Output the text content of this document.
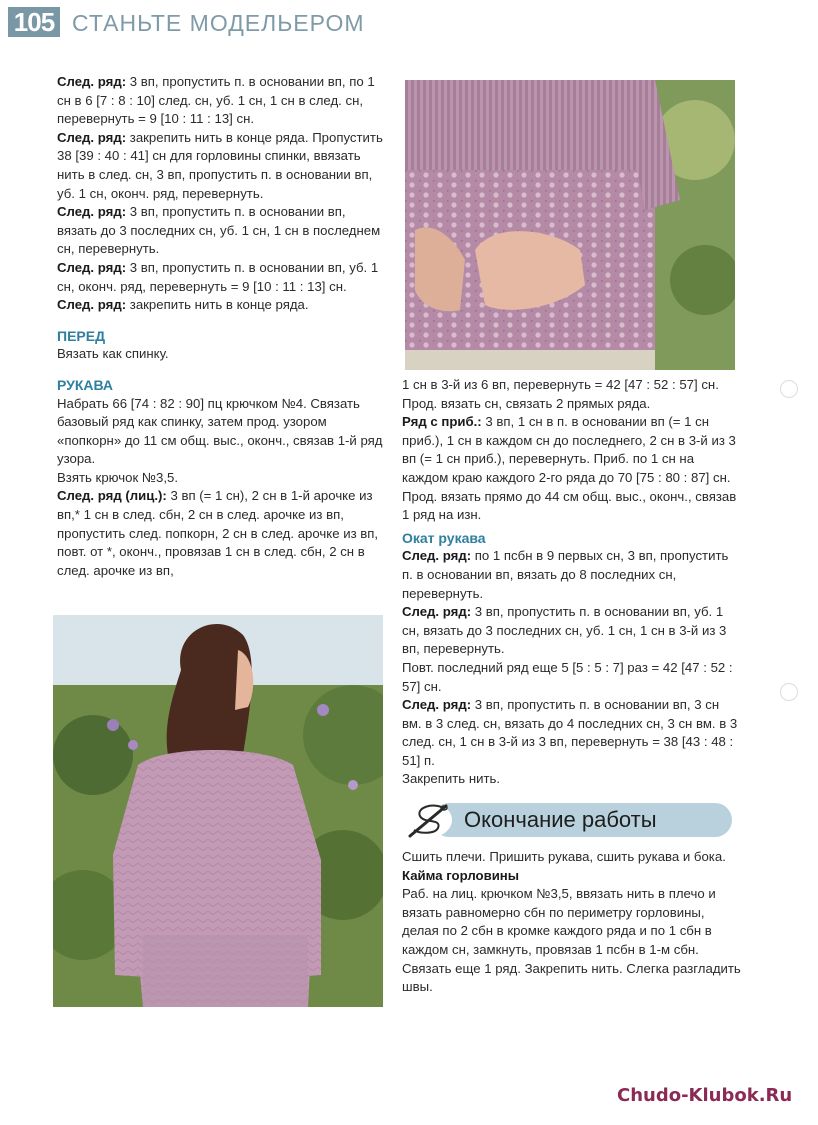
105 СТАНЬТЕ МОДЕЛЬЕРОМ

След. ряд: 3 вп, пропустить п. в основании вп, по 1 сн в 6 [7 : 8 : 10] след. сн, уб. 1 сн, 1 сн в след. сн, перевернуть = 9 [10 : 11 : 13] сн.

След. ряд: закрепить нить в конце ряда. Пропустить 38 [39 : 40 : 41] сн для горловины спинки, ввязать нить в след. сн, 3 вп, пропустить п. в основании вп, уб. 1 сн, оконч. ряд, перевернуть.

След. ряд: 3 вп, пропустить п. в основании вп, вязать до 3 последних сн, уб. 1 сн, 1 сн в последнем сн, перевернуть.

След. ряд: 3 вп, пропустить п. в основании вп, уб. 1 сн, оконч. ряд, перевернуть = 9 [10 : 11 : 13] сн.

След. ряд: закрепить нить в конце ряда.

ПЕРЕД

Вязать как спинку.

РУКАВА

Набрать 66 [74 : 82 : 90] пц крючком №4. Связать базовый ряд как спинку, затем прод. узором «попкорн» до 11 см общ. выс., оконч., связав 1-й ряд узора.

Взять крючок №3,5.

След. ряд (лиц.): 3 вп (= 1 сн), 2 сн в 1-й арочке из вп,* 1 сн в след. сбн, 2 сн в след. арочке из вп, пропустить след. попкорн, 2 сн в след. арочке из вп, повт. от *, оконч., провязав 1 сн в след. сбн, 2 сн в след. арочке из вп,

1 сн в 3-й из 6 вп, перевернуть = 42 [47 : 52 : 57] сн. Прод. вязать сн, связать 2 прямых ряда.

Ряд с приб.: 3 вп, 1 сн в п. в основании вп (= 1 сн приб.), 1 сн в каждом сн до последнего, 2 сн в 3-й из 3 вп (= 1 сн приб.), перевернуть. Приб. по 1 сн на каждом краю каждого 2-го ряда до 70 [75 : 80 : 87] сн. Прод. вязать прямо до 44 см общ. выс., оконч., связав 1 ряд на изн.

Окат рукава

След. ряд: по 1 псбн в 9 первых сн, 3 вп, пропустить п. в основании вп, вязать до 8 последних сн, перевернуть.

След. ряд: 3 вп, пропустить п. в основании вп, уб. 1 сн, вязать до 3 последних сн, уб. 1 сн, 1 сн в 3-й из 3 вп, перевернуть.

Повт. последний ряд еще 5 [5 : 5 : 7] раз = 42 [47 : 52 : 57] сн.

След. ряд: 3 вп, пропустить п. в основании вп, 3 сн вм. в 3 след. сн, вязать до 4 последних сн, 3 сн вм. в 3 след. сн, 1 сн в 3-й из 3 вп, перевернуть = 38 [43 : 48 : 51] п.

Закрепить нить.

Окончание работы

Сшить плечи. Пришить рукава, сшить рукава и бока.

Кайма горловины

Раб. на лиц. крючком №3,5, ввязать нить в плечо и вязать равномерно сбн по периметру горловины, делая по 2 сбн в кромке каждого ряда и по 1 сбн в каждом сн, замкнуть, провязав 1 псбн в 1-м сбн. Связать еще 1 ряд. Закрепить нить. Слегка разгладить швы.

Chudo-Klubok.Ru
